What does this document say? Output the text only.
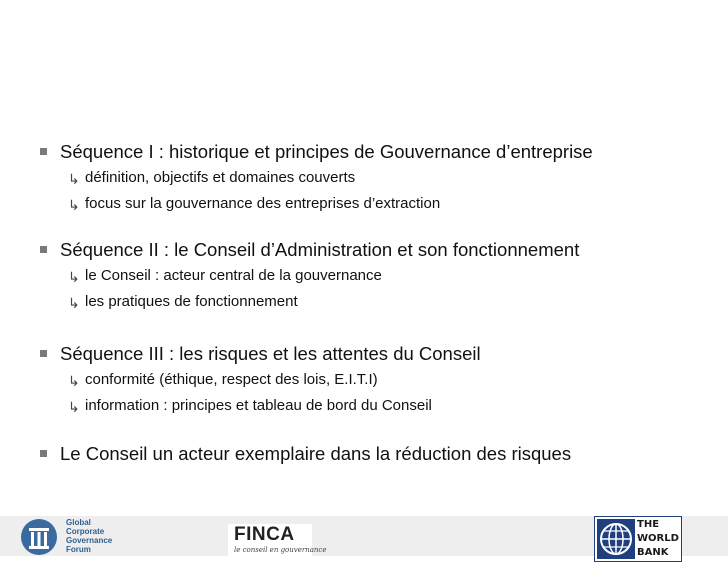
Séquence I : historique et principes de Gouvernance d’entreprise
↳ définition, objectifs et domaines couverts
↳ focus sur la gouvernance des entreprises d’extraction
Séquence II : le Conseil d’Administration et son fonctionnement
↳ le Conseil : acteur central de la gouvernance
↳ les pratiques de fonctionnement
Séquence III : les risques et les attentes du Conseil
↳ conformité (éthique, respect des lois, E.I.T.I)
↳ information : principes et tableau de bord du Conseil
Le Conseil un acteur exemplaire dans la réduction des risques
Global
Corporate
Governance
Forum
FINCA
le conseil en gouvernance
THE
WORLD
BANK
